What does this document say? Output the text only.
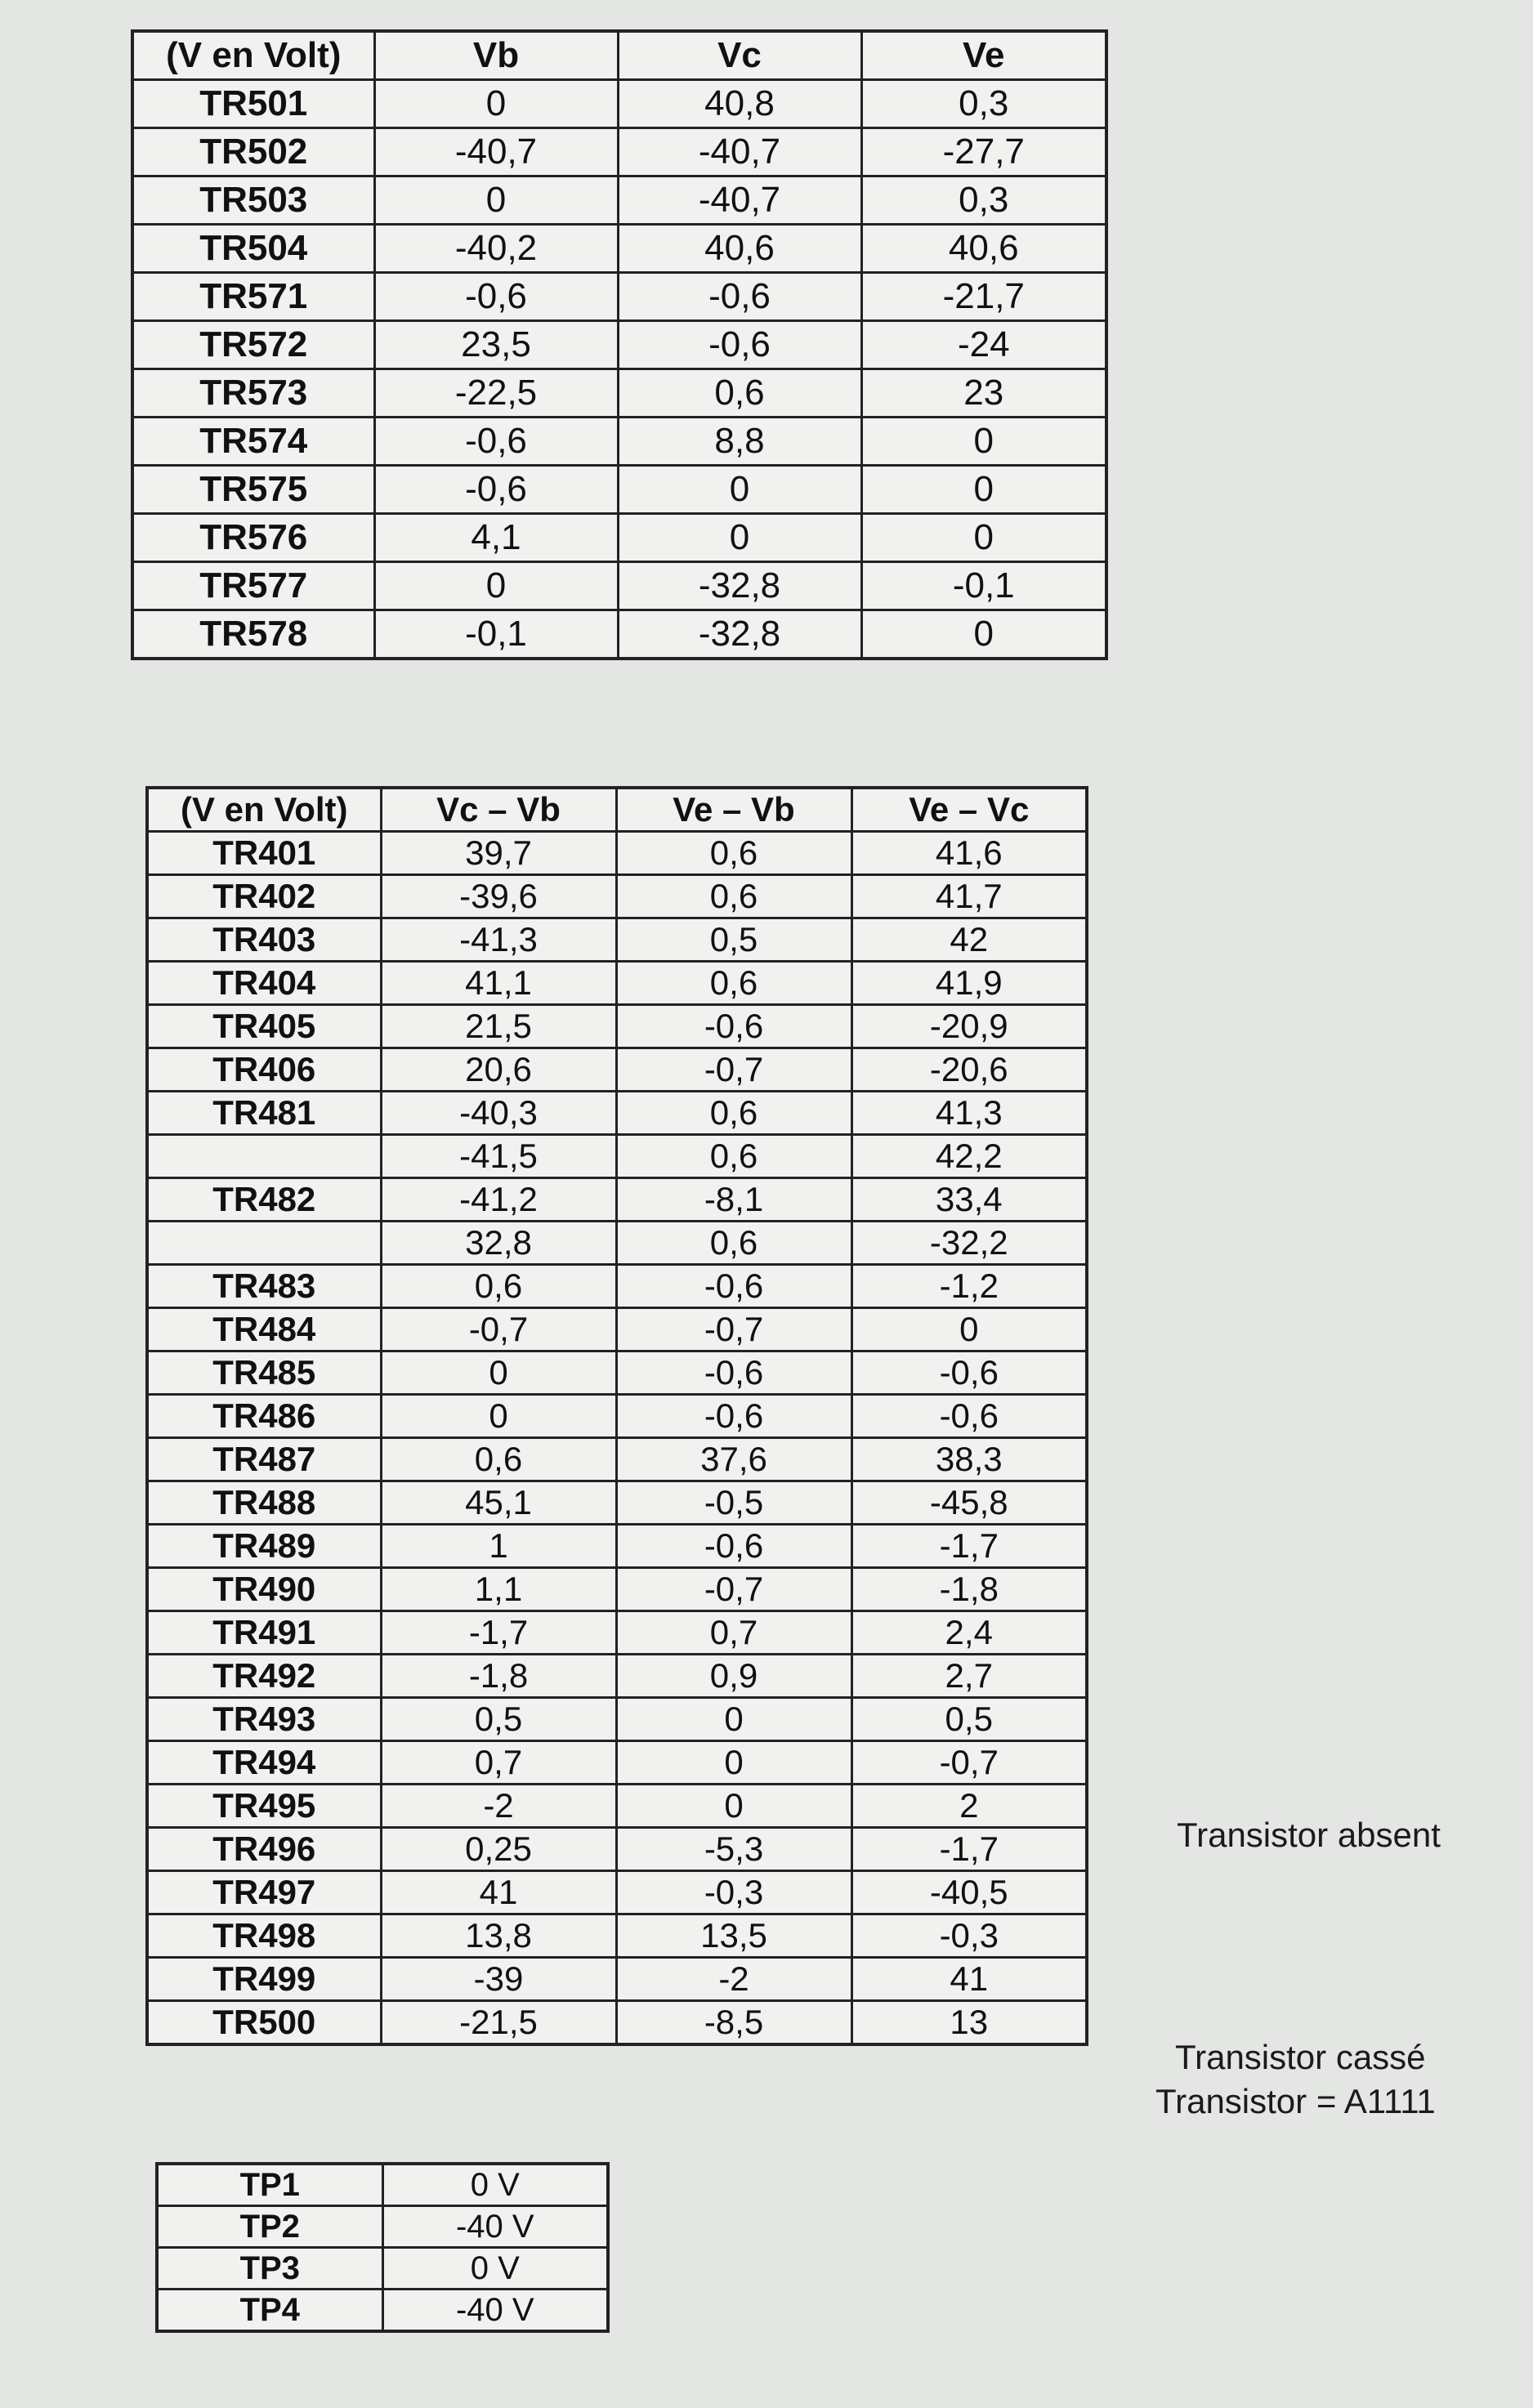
(V en Volt)	Vb	Vc	Ve
TR501	0	40,8	0,3
TR502	-40,7	-40,7	-27,7
TR503	0	-40,7	0,3
TR504	-40,2	40,6	40,6
TR571	-0,6	-0,6	-21,7
TR572	23,5	-0,6	-24
TR573	-22,5	0,6	23
TR574	-0,6	8,8	0
TR575	-0,6	0	0
TR576	4,1	0	0
TR577	0	-32,8	-0,1
TR578	-0,1	-32,8	0
(V en Volt)	Vc – Vb	Ve – Vb	Ve – Vc
TR401	39,7	0,6	41,6
TR402	-39,6	0,6	41,7
TR403	-41,3	0,5	42
TR404	41,1	0,6	41,9
TR405	21,5	-0,6	-20,9
TR406	20,6	-0,7	-20,6
TR481	-40,3	0,6	41,3
	-41,5	0,6	42,2
TR482	-41,2	-8,1	33,4
	32,8	0,6	-32,2
TR483	0,6	-0,6	-1,2
TR484	-0,7	-0,7	0
TR485	0	-0,6	-0,6
TR486	0	-0,6	-0,6
TR487	0,6	37,6	38,3
TR488	45,1	-0,5	-45,8
TR489	1	-0,6	-1,7
TR490	1,1	-0,7	-1,8
TR491	-1,7	0,7	2,4
TR492	-1,8	0,9	2,7
TR493	0,5	0	0,5
TR494	0,7	0	-0,7
TR495	-2	0	2
TR496	0,25	-5,3	-1,7
TR497	41	-0,3	-40,5
TR498	13,8	13,5	-0,3
TR499	-39	-2	41
TR500	-21,5	-8,5	13
TP1	0 V
TP2	-40 V
TP3	0 V
TP4	-40 V
Transistor absent
Transistor cassé
Transistor = A1111
